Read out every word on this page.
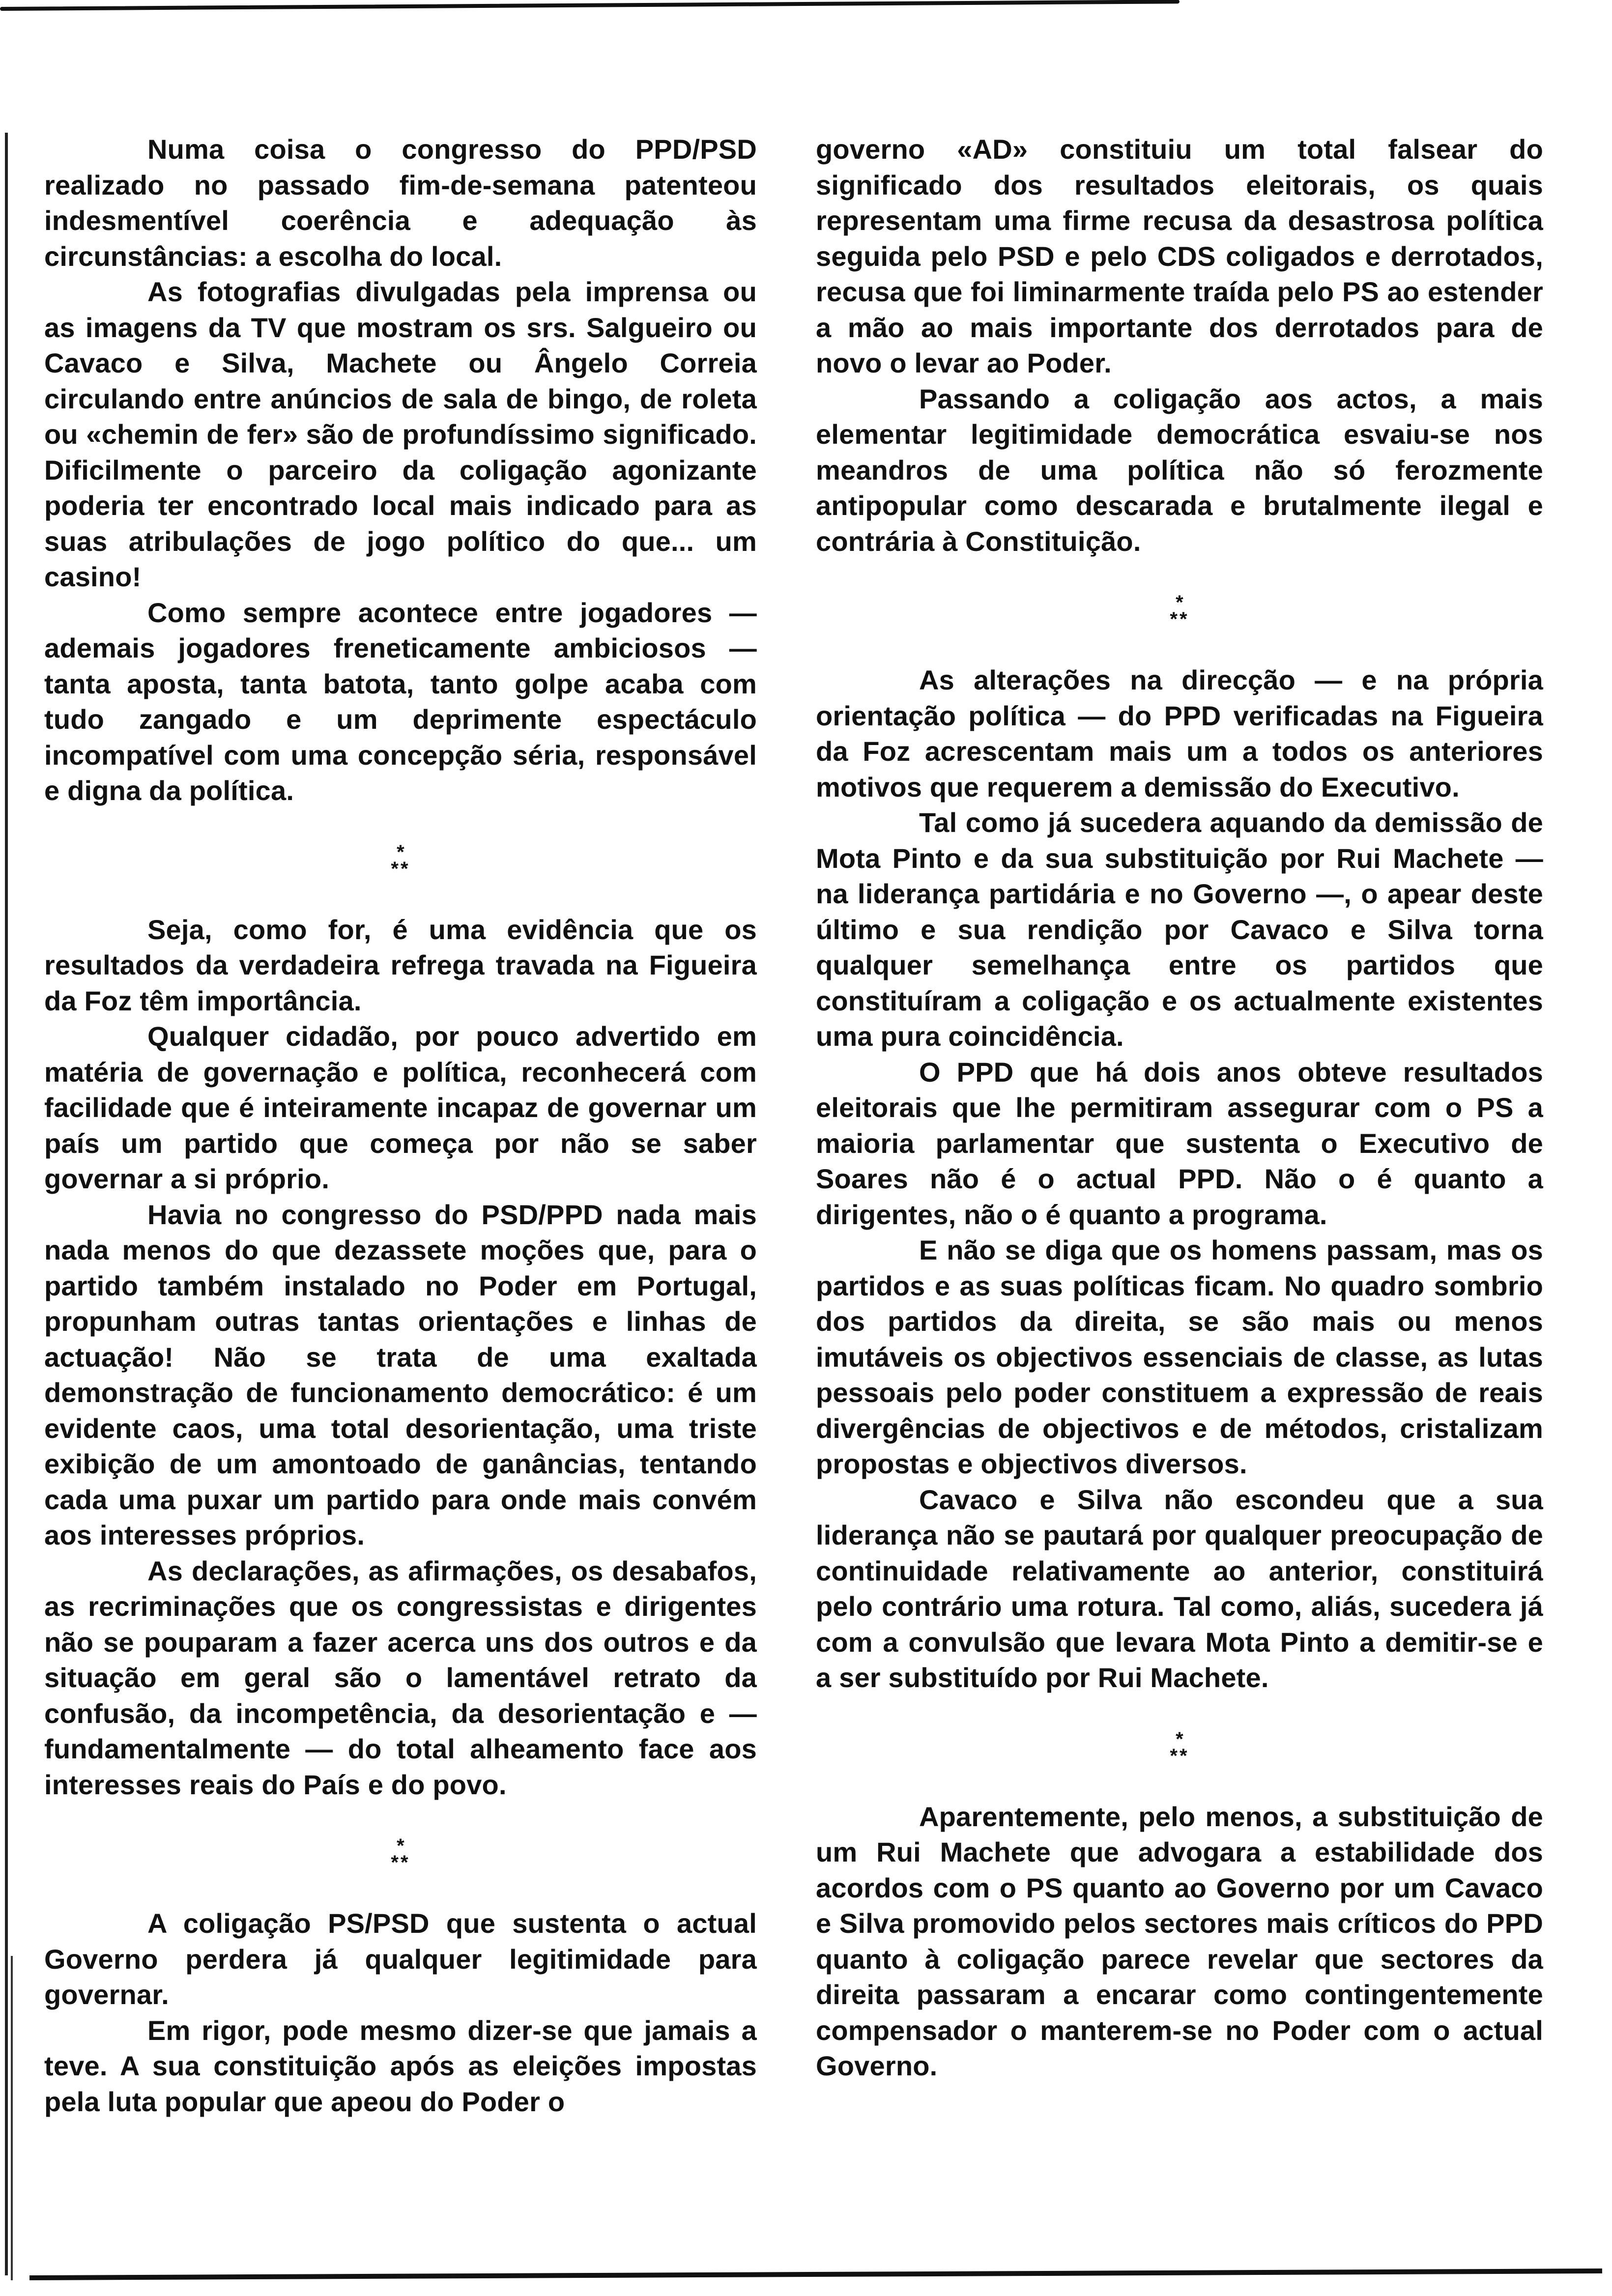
Numa coisa o congresso do PPD/PSD realizado no passado fim-de-semana patenteou indesmentível coerência e adequação às circunstâncias: a escolha do local.

As fotografias divulgadas pela imprensa ou as imagens da TV que mostram os srs. Salgueiro ou Cavaco e Silva, Machete ou Ângelo Correia circulando entre anúncios de sala de bingo, de roleta ou «chemin de fer» são de profundíssimo significado. Dificilmente o parceiro da coligação agonizante poderia ter encontrado local mais indicado para as suas atribulações de jogo político do que... um casino!

Como sempre acontece entre jogadores — ademais jogadores freneticamente ambiciosos — tanta aposta, tanta batota, tanto golpe acaba com tudo zangado e um deprimente espectáculo incompatível com uma concepção séria, responsável e digna da política.

*
**

Seja, como for, é uma evidência que os resultados da verdadeira refrega travada na Figueira da Foz têm importância.

Qualquer cidadão, por pouco advertido em matéria de governação e política, reconhecerá com facilidade que é inteiramente incapaz de governar um país um partido que começa por não se saber governar a si próprio.

Havia no congresso do PSD/PPD nada mais nada menos do que dezassete moções que, para o partido também instalado no Poder em Portugal, propunham outras tantas orientações e linhas de actuação! Não se trata de uma exaltada demonstração de funcionamento democrático: é um evidente caos, uma total desorientação, uma triste exibição de um amontoado de ganâncias, tentando cada uma puxar um partido para onde mais convém aos interesses próprios.

As declarações, as afirmações, os desabafos, as recriminações que os congressistas e dirigentes não se pouparam a fazer acerca uns dos outros e da situação em geral são o lamentável retrato da confusão, da incompetência, da desorientação e — fundamentalmente — do total alheamento face aos interesses reais do País e do povo.

*
**

A coligação PS/PSD que sustenta o actual Governo perdera já qualquer legitimidade para governar.

Em rigor, pode mesmo dizer-se que jamais a teve. A sua constituição após as eleições impostas pela luta popular que apeou do Poder o

governo «AD» constituiu um total falsear do significado dos resultados eleitorais, os quais representam uma firme recusa da desastrosa política seguida pelo PSD e pelo CDS coligados e derrotados, recusa que foi liminarmente traída pelo PS ao estender a mão ao mais importante dos derrotados para de novo o levar ao Poder.

Passando a coligação aos actos, a mais elementar legitimidade democrática esvaiu-se nos meandros de uma política não só ferozmente antipopular como descarada e brutalmente ilegal e contrária à Constituição.

*
**

As alterações na direcção — e na própria orientação política — do PPD verificadas na Figueira da Foz acrescentam mais um a todos os anteriores motivos que requerem a demissão do Executivo.

Tal como já sucedera aquando da demissão de Mota Pinto e da sua substituição por Rui Machete — na liderança partidária e no Governo —, o apear deste último e sua rendição por Cavaco e Silva torna qualquer semelhança entre os partidos que constituíram a coligação e os actualmente existentes uma pura coincidência.

O PPD que há dois anos obteve resultados eleitorais que lhe permitiram assegurar com o PS a maioria parlamentar que sustenta o Executivo de Soares não é o actual PPD. Não o é quanto a dirigentes, não o é quanto a programa.

E não se diga que os homens passam, mas os partidos e as suas políticas ficam. No quadro sombrio dos partidos da direita, se são mais ou menos imutáveis os objectivos essenciais de classe, as lutas pessoais pelo poder constituem a expressão de reais divergências de objectivos e de métodos, cristalizam propostas e objectivos diversos.

Cavaco e Silva não escondeu que a sua liderança não se pautará por qualquer preocupação de continuidade relativamente ao anterior, constituirá pelo contrário uma rotura. Tal como, aliás, sucedera já com a convulsão que levara Mota Pinto a demitir-se e a ser substituído por Rui Machete.

*
**

Aparentemente, pelo menos, a substituição de um Rui Machete que advogara a estabilidade dos acordos com o PS quanto ao Governo por um Cavaco e Silva promovido pelos sectores mais críticos do PPD quanto à coligação parece revelar que sectores da direita passaram a encarar como contingentemente compensador o manterem-se no Poder com o actual Governo.
